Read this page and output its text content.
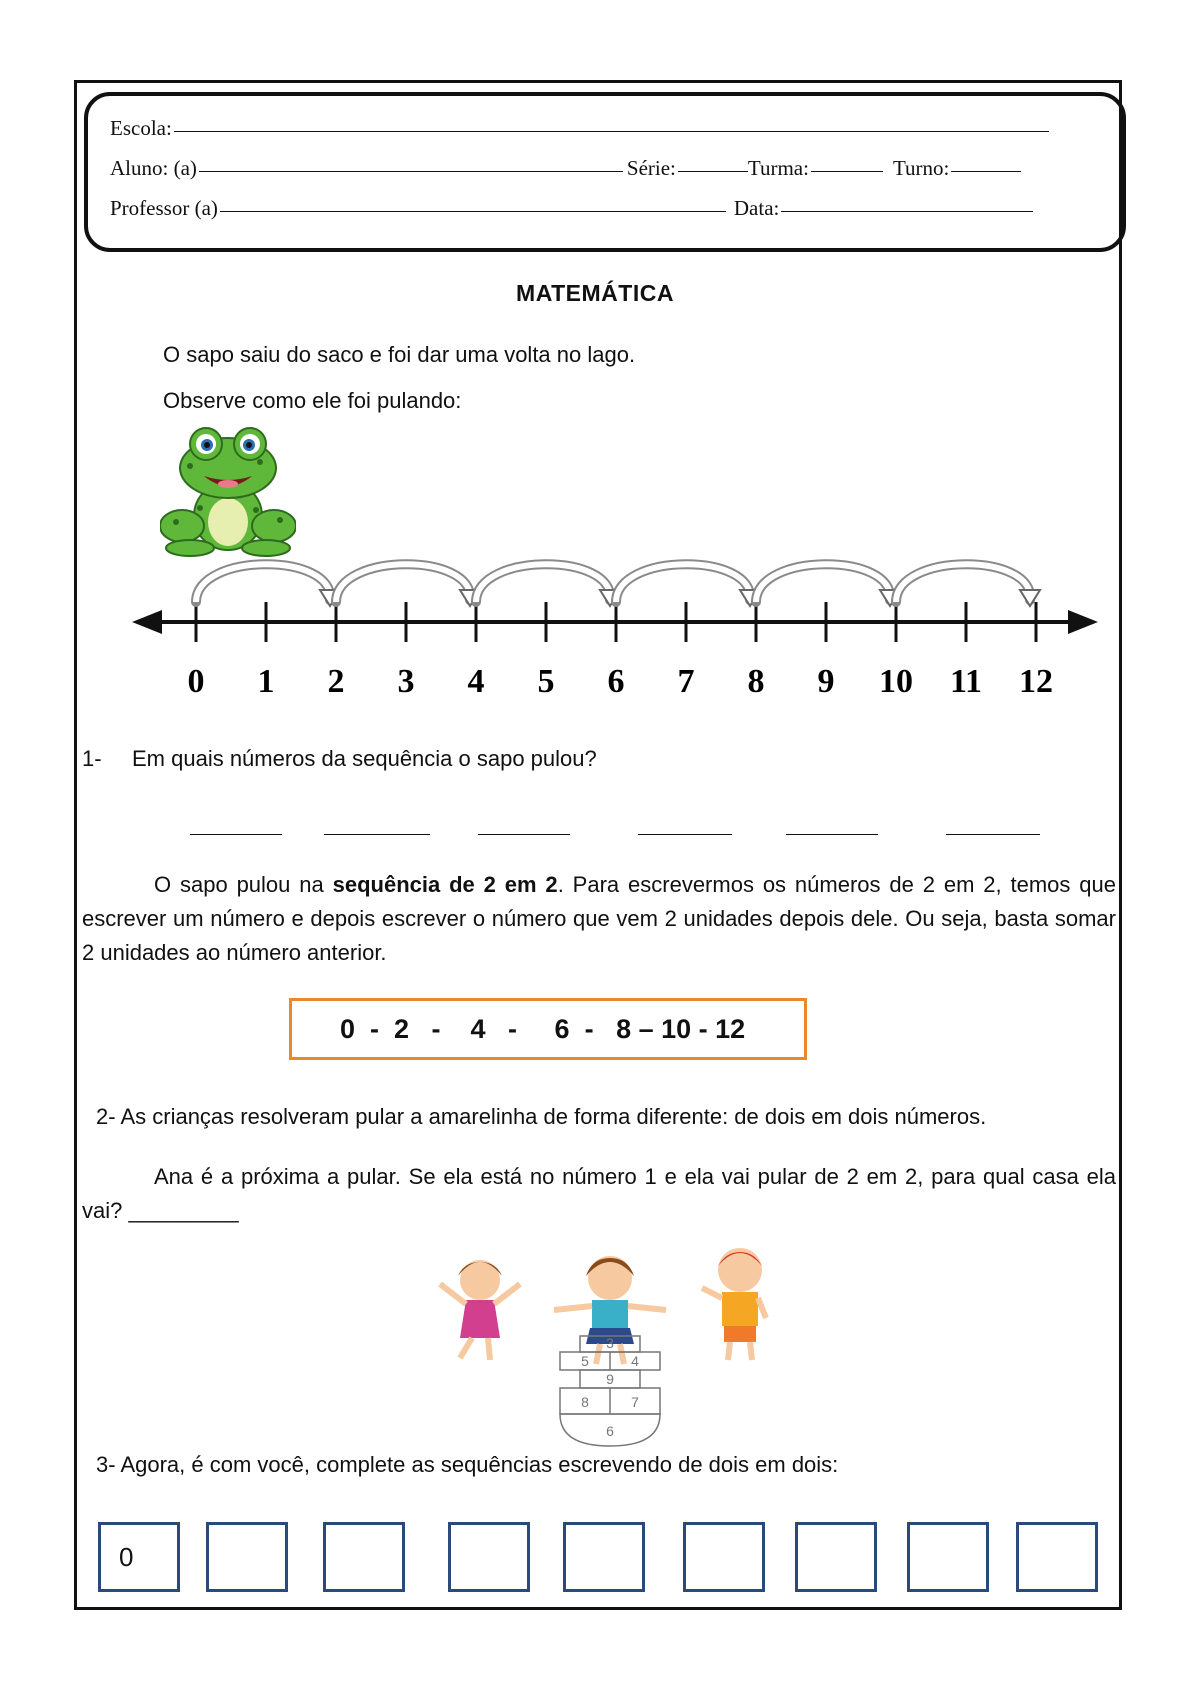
Escola:
Aluno: (a)	Série:	Turma:	Turno:
Professor (a)	Data:
MATEMÁTICA
O sapo saiu do saco e foi dar uma volta no lago.
Observe como ele foi pulando:
0 1 2 3 4 5 6 7 8 9 10 11 12
1- Em quais números da sequência o sapo pulou?
O sapo pulou na sequência de 2 em 2. Para escrevermos os números de 2 em 2, temos que escrever um número e depois escrever o número que vem 2 unidades depois dele. Ou seja, basta somar 2 unidades ao número anterior.
0  -  2   -    4   -     6  -   8 – 10 - 12
2- As crianças resolveram pular a amarelinha de forma diferente: de dois em dois números.
Ana é a próxima a pular. Se ela está no número 1 e ela vai pular de 2 em 2, para qual casa ela vai? _________
6
8	7
9
5	4
3
3- Agora, é com você, complete as sequências escrevendo de dois em dois:
0
